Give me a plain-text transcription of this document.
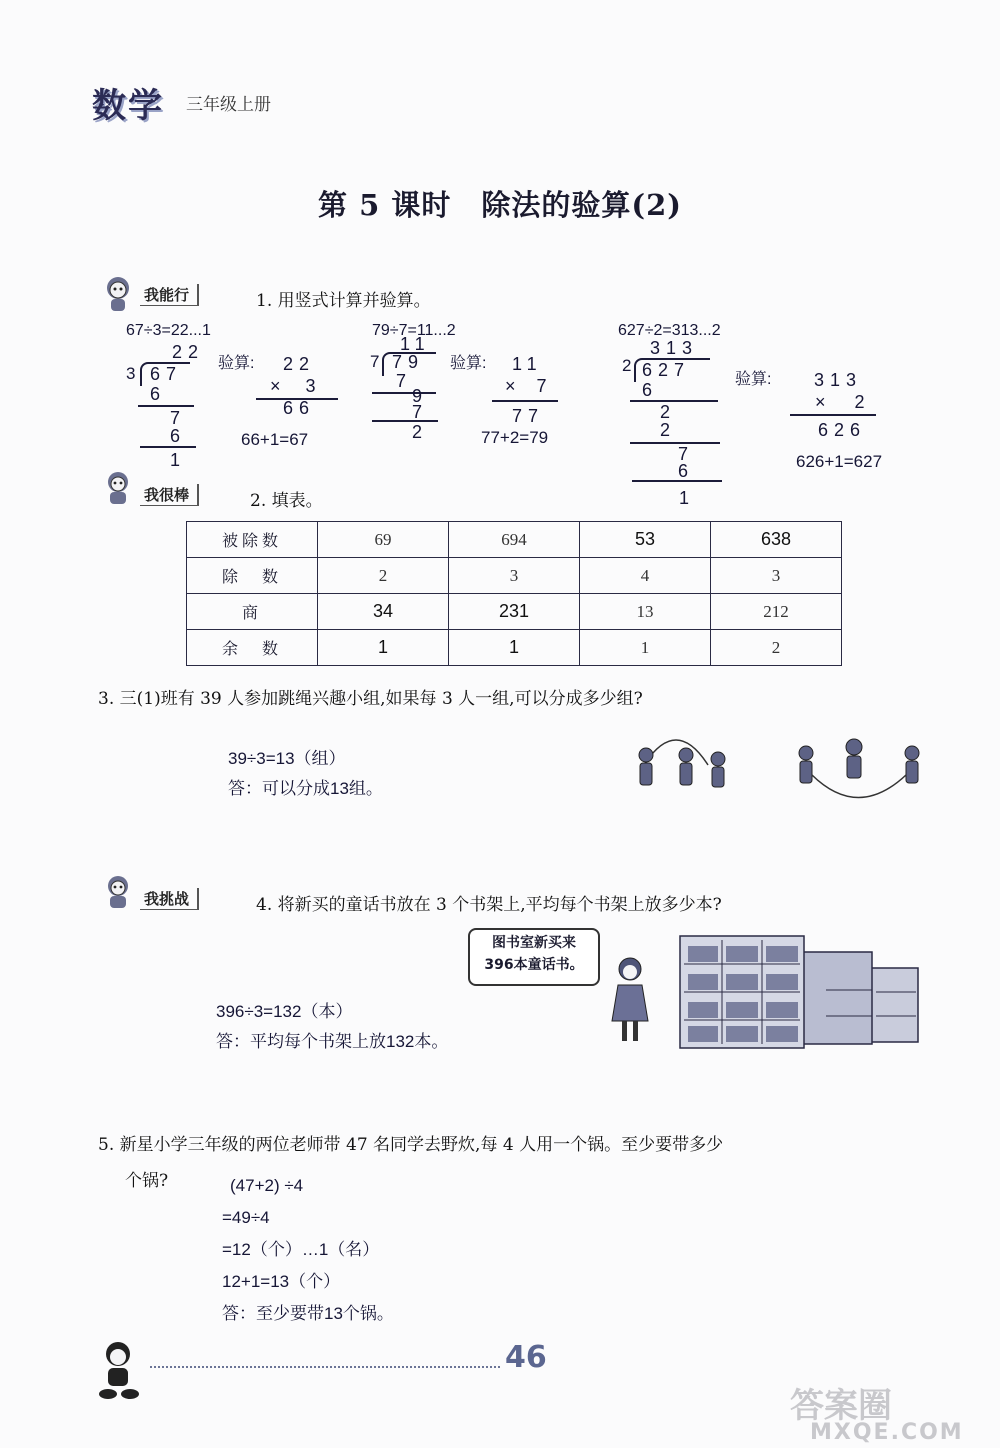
数学 三年级上册
第 5 课时　除法的验算(2)
我能行	1. 用竖式计算并验算。
67÷3=22...1
22
3 67
6
7
6
1
验算: 22
× 3
66
66+1=67
79÷7=11...2
11
7 79
7
9
7
2
验算: 11
× 7
77
77+2=79
627÷2=313...2
313
2 627
6
2
2
7
6
1
验算: 313
× 2
626
626+1=627
我很棒	2. 填表。
被除数	69	694	53	638
除　数	2	3	4	3
商	34	231	13	212
余　数	1	1	1	2
3. 三(1)班有 39 人参加跳绳兴趣小组,如果每 3 人一组,可以分成多少组?
39÷3=13（组）
答：可以分成13组。
我挑战	4. 将新买的童话书放在 3 个书架上,平均每个书架上放多少本?
图书室新买来
396本童话书。
396÷3=132（本）
答：平均每个书架上放132本。
5. 新星小学三年级的两位老师带 47 名同学去野炊,每 4 人用一个锅。至少要带多少
个锅?	(47+2) ÷4
=49÷4
=12（个）…1（名）
12+1=13（个）
答：至少要带13个锅。
46
答案圈
MXQE.COM
